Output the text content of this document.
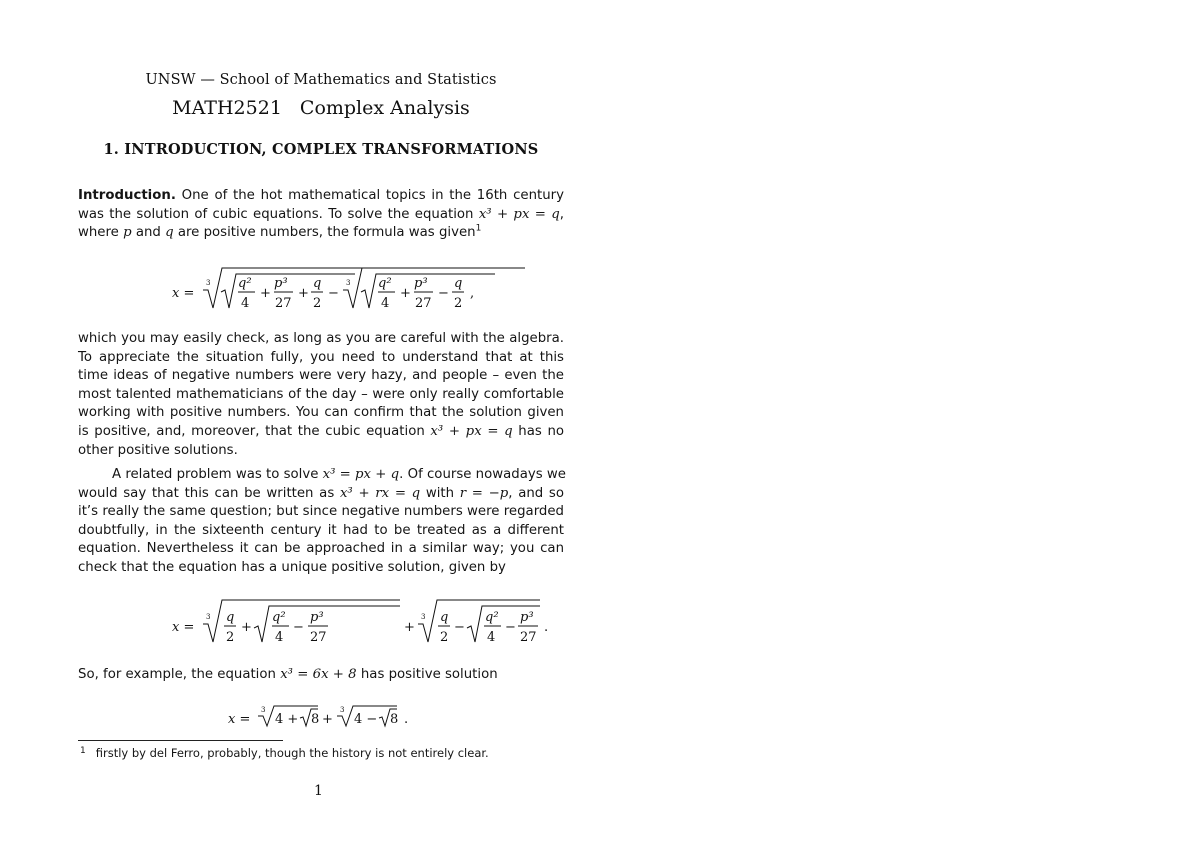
UNSW — School of Mathematics and Statistics
MATH2521 Complex Analysis
1. INTRODUCTION, COMPLEX TRANSFORMATIONS
Introduction. One of the hot mathematical topics in the 16th century
was the solution of cubic equations. To solve the equation x³ + px = q,
where p and q are positive numbers, the formula was given$^1$
x =
3 q²
4
+
p³
27
+
q
2
−
3 q²
4
+
p³
27
−
q
2
,
which you may easily check, as long as you are careful with the algebra.
To appreciate the situation fully, you need to understand that at this
time ideas of negative numbers were very hazy, and people – even the
most talented mathematicians of the day – were only really comfortable
working with positive numbers. You can confirm that the solution given
is positive, and, moreover, that the cubic equation x³ + px = q has no
other positive solutions.
A related problem was to solve x³ = px + q. Of course nowadays we
would say that this can be written as x³ + rx = q with r = −p, and so
it’s really the same question; but since negative numbers were regarded
doubtfully, in the sixteenth century it had to be treated as a different
equation. Nevertheless it can be approached in a similar way; you can
check that the equation has a unique positive solution, given by
x =
3 q
2
+
q²
4
−
p³
27
+
3 q
2
−
q²
4
−
p³
27
.
So, for example, the equation x³ = 6x + 8 has positive solution
x =
3
4 + 8 +
3
4 − 8 .
$^1$ firstly by del Ferro, probably, though the history is not entirely clear.
1
